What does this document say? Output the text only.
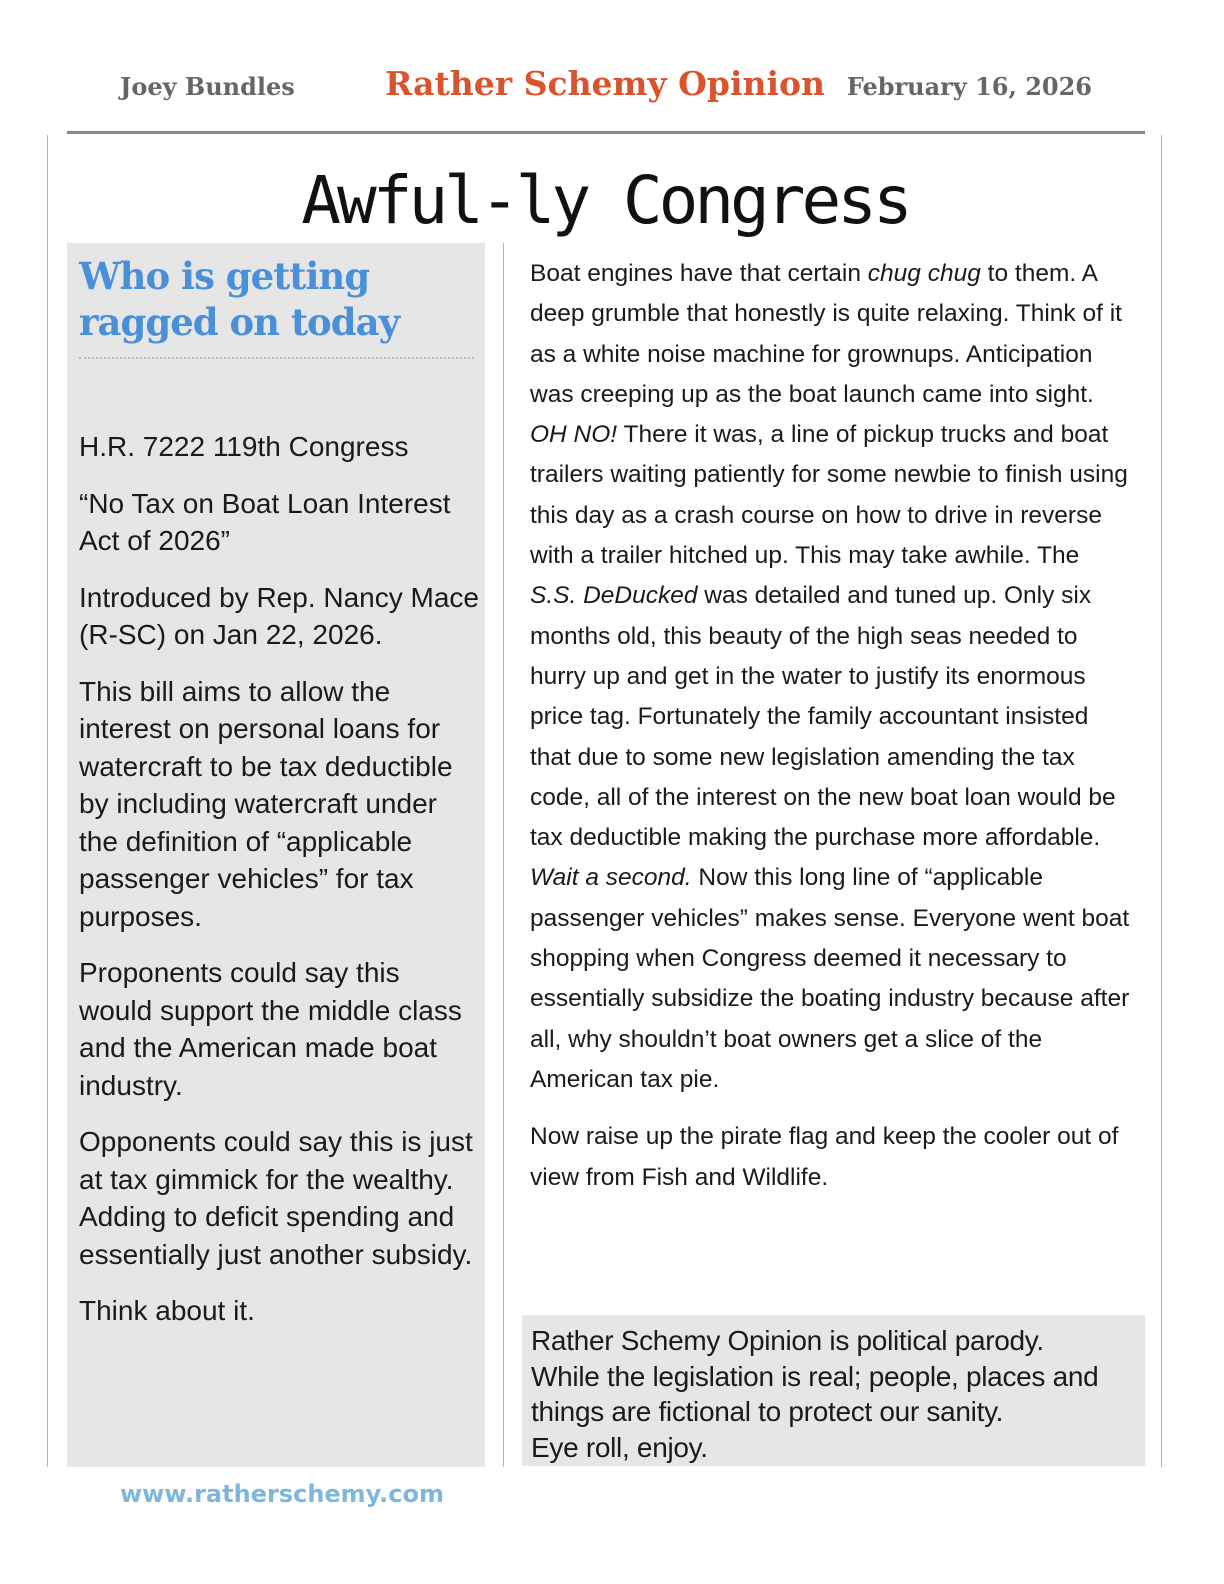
Joey Bundles	Rather Schemy Opinion February 16, 2026
Awful-ly Congress
Who is getting ragged on today

H.R. 7222 119th Congress

“No Tax on Boat Loan Interest Act of 2026”

Introduced by Rep. Nancy Mace (R-SC) on Jan 22, 2026.

This bill aims to allow the interest on personal loans for watercraft to be tax deductible by including watercraft under the definition of “applicable passenger vehicles” for tax purposes.

Proponents could say this would support the middle class and the American made boat industry.

Opponents could say this is just at tax gimmick for the wealthy. Adding to deficit spending and essentially just another subsidy.

Think about it.

Boat engines have that certain chug chug to them. A deep grumble that honestly is quite relaxing. Think of it as a white noise machine for grownups. Anticipation was creeping up as the boat launch came into sight. OH NO! There it was, a line of pickup trucks and boat trailers waiting patiently for some newbie to finish using this day as a crash course on how to drive in reverse with a trailer hitched up. This may take awhile. The S.S. DeDucked was detailed and tuned up. Only six months old, this beauty of the high seas needed to hurry up and get in the water to justify its enormous price tag. Fortunately the family accountant insisted that due to some new legislation amending the tax code, all of the interest on the new boat loan would be tax deductible making the purchase more affordable. Wait a second. Now this long line of “applicable passenger vehicles” makes sense. Everyone went boat shopping when Congress deemed it necessary to essentially subsidize the boating industry because after all, why shouldn’t boat owners get a slice of the American tax pie.

Now raise up the pirate flag and keep the cooler out of view from Fish and Wildlife.

Rather Schemy Opinion is political parody.
While the legislation is real; people, places and things are fictional to protect our sanity.
Eye roll, enjoy.
www.ratherschemy.com
